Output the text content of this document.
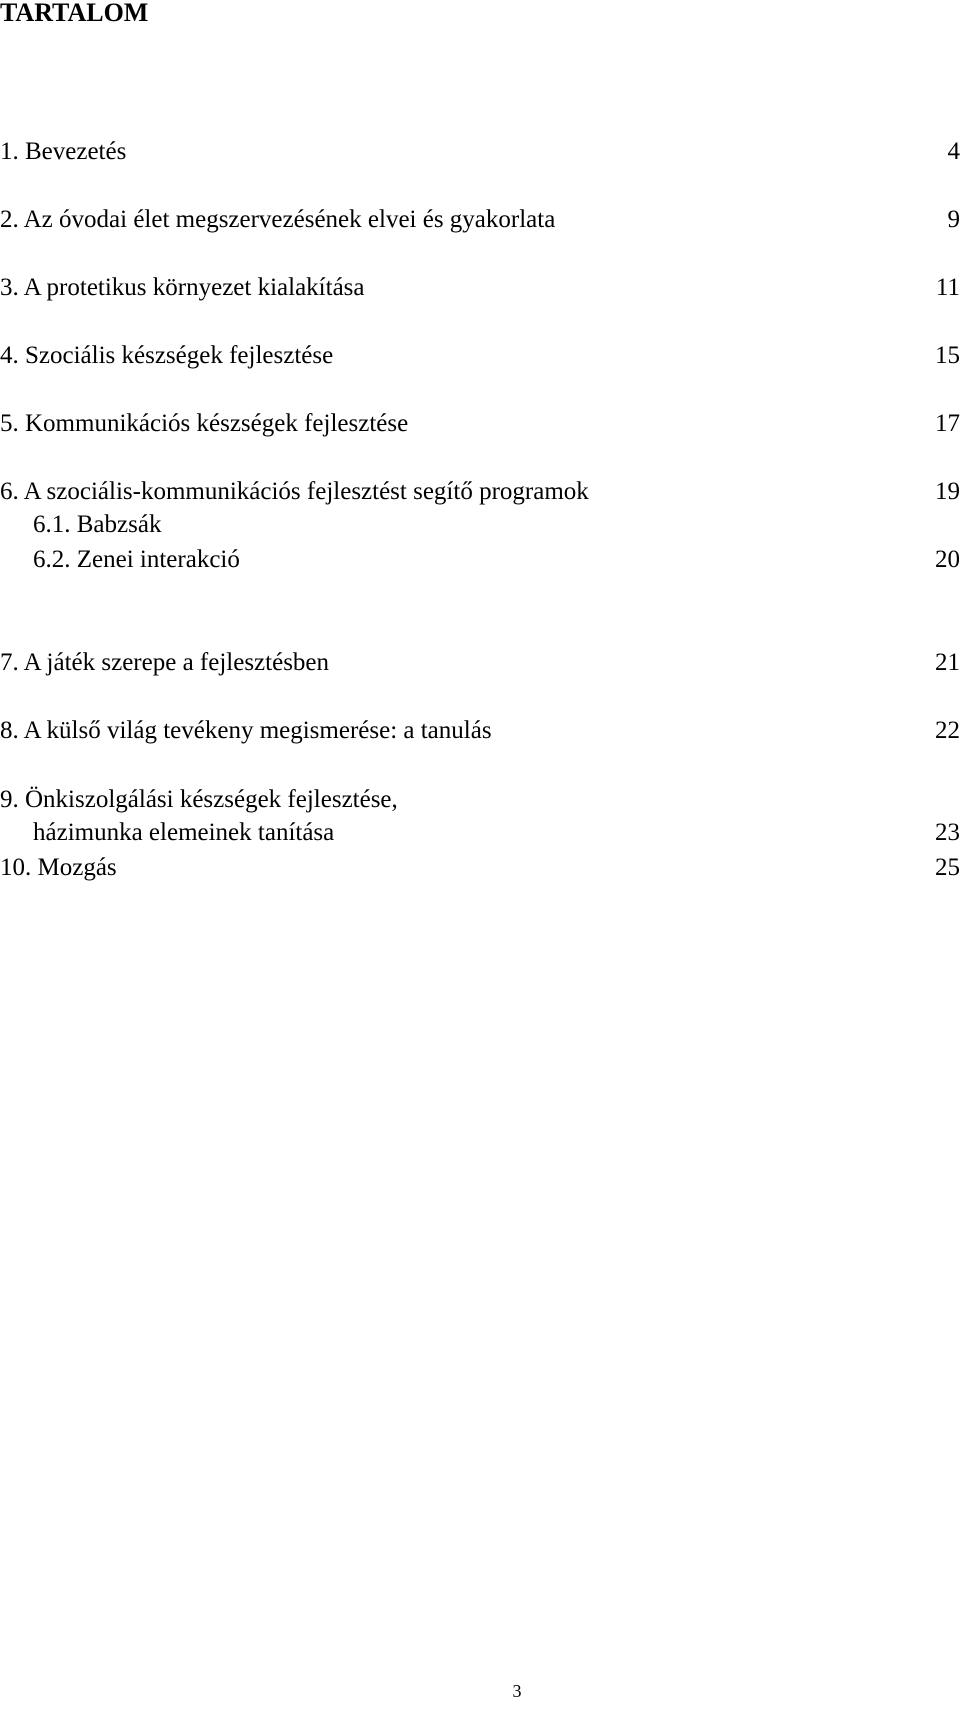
TARTALOM
1. Bevezetés	4
2. Az óvodai élet megszervezésének elvei és gyakorlata	9
3. A protetikus környezet kialakítása	11
4. Szociális készségek fejlesztése	15
5. Kommunikációs készségek fejlesztése	17
6. A szociális-kommunikációs fejlesztést segítő programok	19
6.1. Babzsák
6.2. Zenei interakció	20
7. A játék szerepe a fejlesztésben	21
8. A külső világ tevékeny megismerése: a tanulás	22
9. Önkiszolgálási készségek fejlesztése,
házimunka elemeinek tanítása	23
10. Mozgás	25
3
